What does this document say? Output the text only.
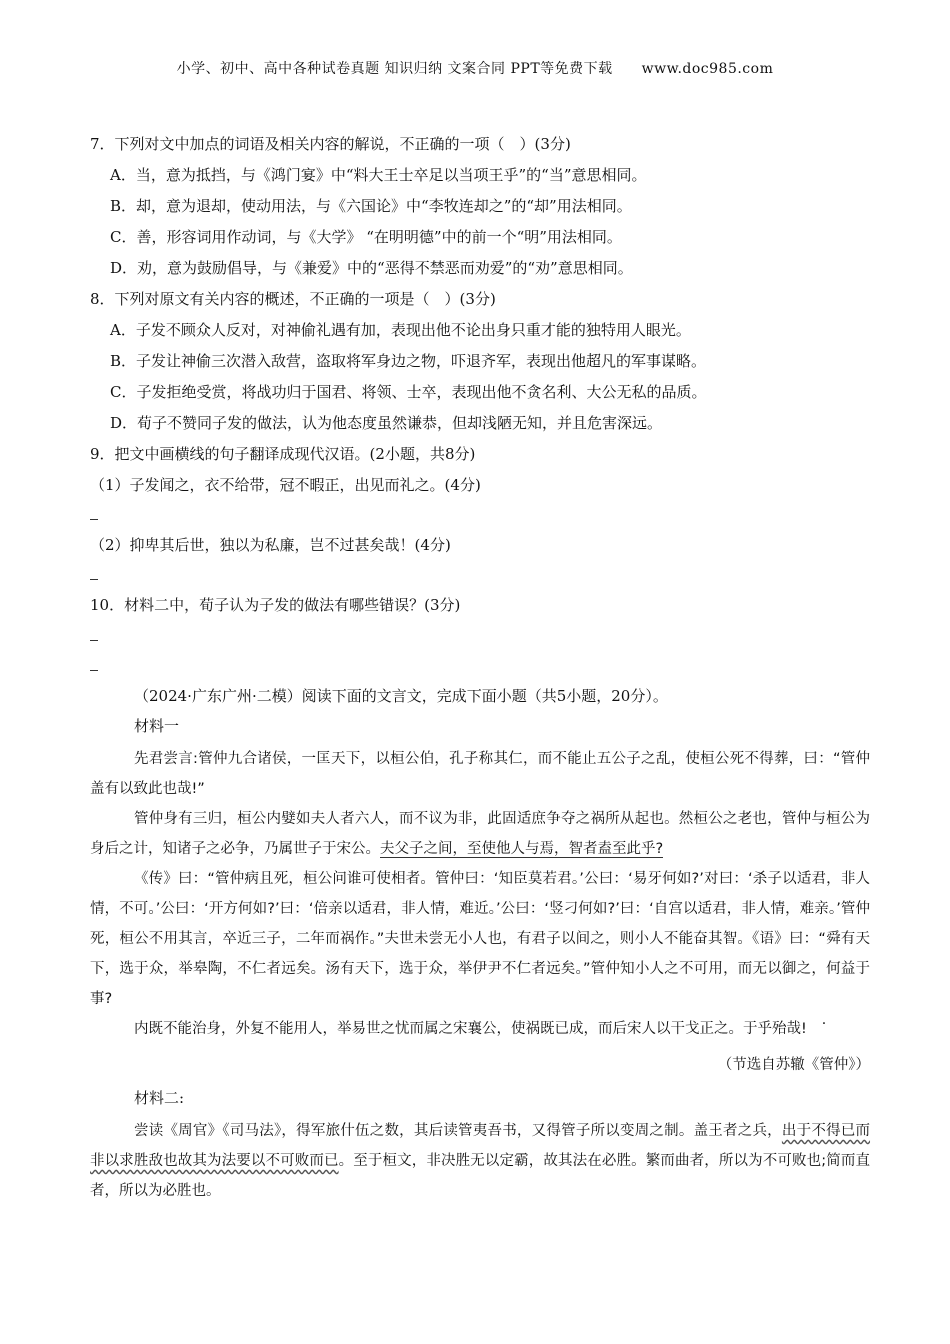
小学、初中、高中各种试卷真题 知识归纳 文案合同 PPT等免费下载　　www.doc985.com

7．下列对文中加点的词语及相关内容的解说，不正确的一项（　）(3分)

A．当，意为抵挡，与《鸿门宴》中“料大王士卒足以当项王乎”的“当”意思相同。

B．却，意为退却，使动用法，与《六国论》中“李牧连却之”的“却”用法相同。

C．善，形容词用作动词，与《大学》 “在明明德”中的前一个“明”用法相同。

D．劝，意为鼓励倡导，与《兼爱》中的“恶得不禁恶而劝爱”的“劝”意思相同。

8．下列对原文有关内容的概述，不正确的一项是（　）(3分)

A．子发不顾众人反对，对神偷礼遇有加，表现出他不论出身只重才能的独特用人眼光。

B．子发让神偷三次潜入敌营，盗取将军身边之物，吓退齐军，表现出他超凡的军事谋略。

C．子发拒绝受赏，将战功归于国君、将领、士卒，表现出他不贪名利、大公无私的品质。

D．荀子不赞同子发的做法，认为他态度虽然谦恭，但却浅陋无知，并且危害深远。

9．把文中画横线的句子翻译成现代汉语。(2小题，共8分)

（1）子发闻之，衣不给带，冠不暇正，出见而礼之。(4分)

（2）抑卑其后世，独以为私廉，岂不过甚矣哉！(4分)

10．材料二中，荀子认为子发的做法有哪些错误？(3分)

（2024·广东广州·二模）阅读下面的文言文，完成下面小题（共5小题，20分）。

材料一

先君尝言:管仲九合诸侯，一匡天下，以桓公伯 ·，孔子称其仁，而不能止五公子之乱，使桓公死不得葬，曰：“管仲盖有以致此也哉!”

管仲身有三归，桓公内嬖如夫人者六人，而不议为非，此固适庶争夺之祸所从起也。然桓公之老也，管仲与桓公为身后之计，知诸子之必争，乃属世子于宋公。夫父子之间，至使他人与焉，智者盍至此乎?

《传》曰：“管仲病且死，桓公问谁可使相者。管仲曰：‘知臣莫若君。’公曰：‘易牙何如?’对曰：‘杀子以适君，非人情，不可。’公曰：‘开方何如?’曰：‘倍亲以适君，非人情，难近。’公曰：‘竖刁何如?’曰：‘自宫以适君，非人情，难亲。’管仲死，桓公不用其言，卒近三子，二年而祸作。”夫世未尝无小人也，有君子以间之，则小人不能奋其智。《语》曰：“舜有天下，选于众，举皋陶，不仁者远矣。汤有天下，选于众，举伊尹不仁者远矣。”管仲知小人之不可用，而无以御之，何益于事?

内既不能治身，外复不能用人，举易世之忧而属之宋襄公，使祸既已成，而后宋人以干戈正之。于乎殆 ·哉!

（节选自苏辙《管仲》）

材料二:

尝读《周官》《司马法》，得军旅什伍之数，其后读管夷吾书，又得管子所以变周之制。盖王者之兵，出于不得已而非以求胜敌也故其为法要以不可败而已。至于桓文，非决胜无以定霸，故其法在必胜。繁而曲者，所以为不可败也;简而直者，所以为必胜也。
